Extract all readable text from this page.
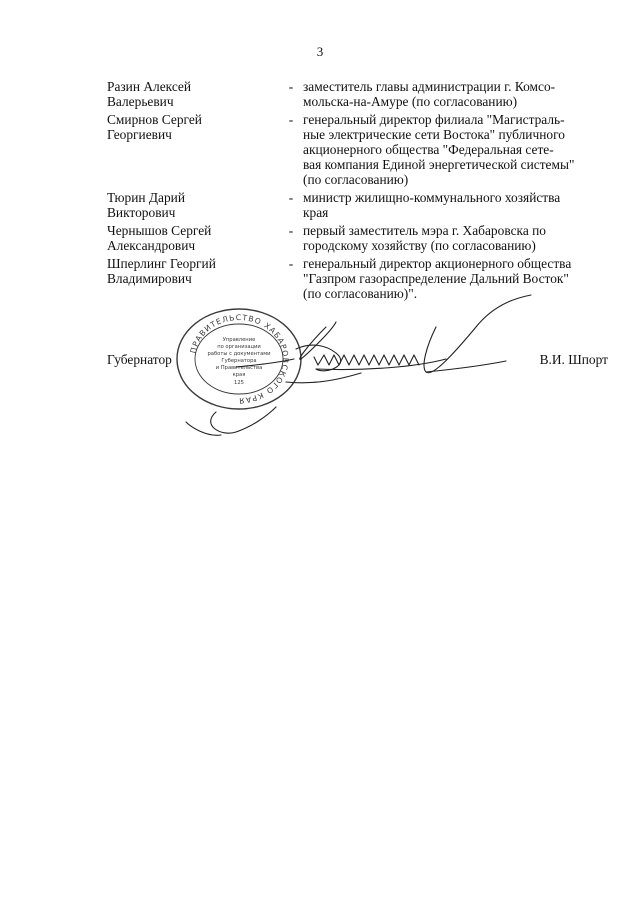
3
Разин Алексей
Валерьевич
- заместитель главы администрации г. Комсо-
мольска-на-Амуре (по согласованию)
Смирнов Сергей
Георгиевич
- генеральный директор филиала "Магистраль-
ные электрические сети Востока" публичного
акционерного общества "Федеральная сете-
вая компания Единой энергетической системы"
(по согласованию)
Тюрин Дарий
Викторович
- министр жилищно-коммунального хозяйства
края
Чернышов Сергей
Александрович
- первый заместитель мэра г. Хабаровска по
городскому хозяйству (по согласованию)
Шперлинг Георгий
Владимирович
- генеральный директор акционерного общества
"Газпром газораспределение Дальний Восток"
(по согласованию)".
Губернатор	В.И. Шпорт
ПРАВИТЕЛЬСТВО ХАБАРОВСКОГО КРАЯ
Управление
по организации
работы с документами
Губернатора
и Правительства
края
125
